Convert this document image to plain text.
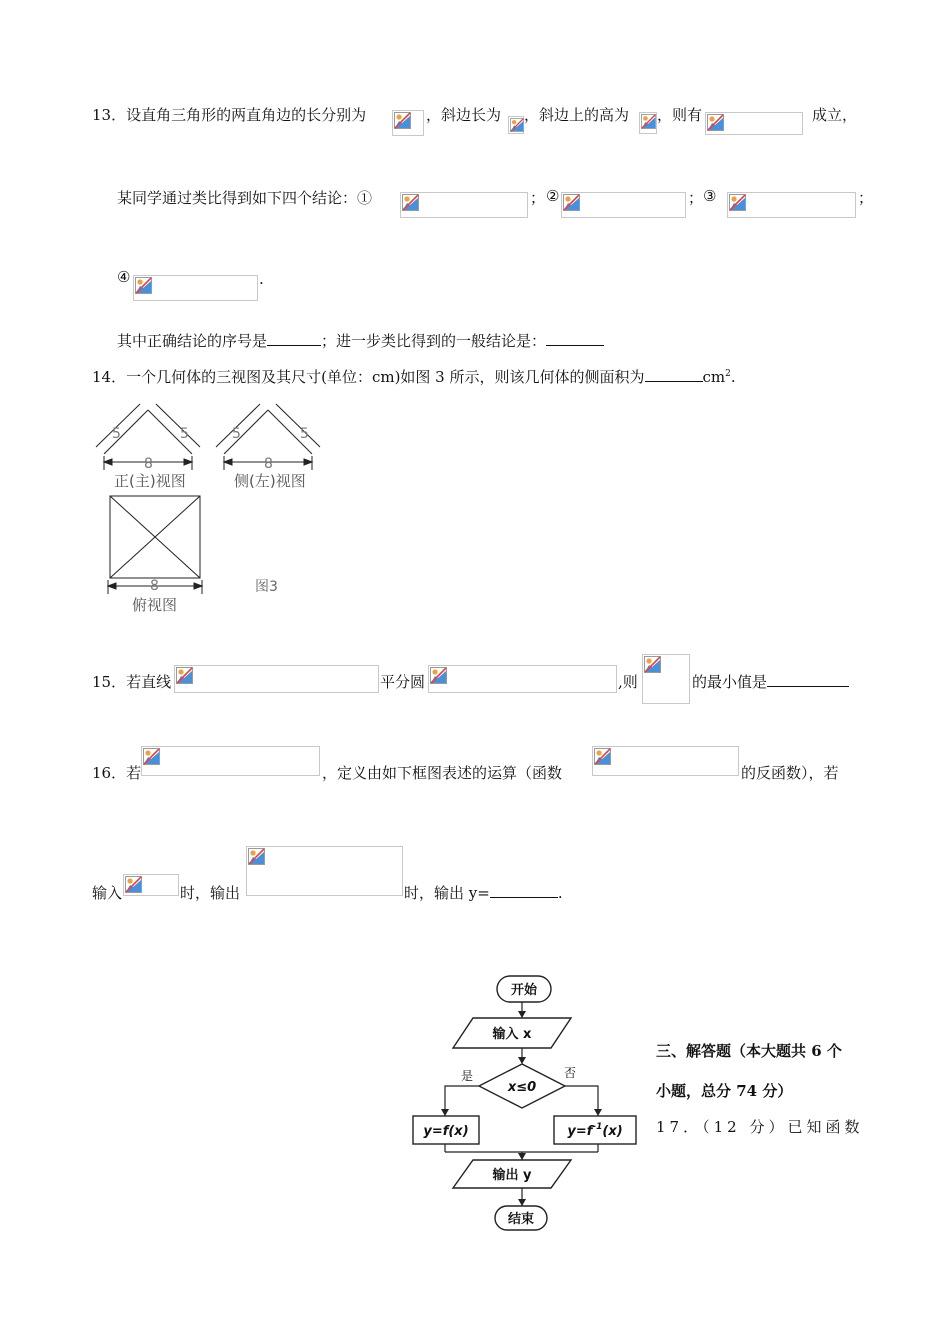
13．设直角三角形的两直角边的长分别为	，斜边长为 ，斜边上的高为 ，则有	成立，
某同学通过类比得到如下四个结论：①	； ②	； ③	；
④	.
其中正确结论的序号是	；进一步类比得到的一般结论是：
14．一个几何体的三视图及其尺寸(单位：cm)如图 3 所示，则该几何体的侧面积为	$cm^2$.
5	5
8
正(主)视图
5	5
8
侧(左)视图
8
俯视图
图3
15．若直线	平分圆	,则	的最小值是
16．若	，定义由如下框图表述的运算（函数	的反函数），若
输入	时，输出	时，输出 y=	.
开始
输入 x
x≤0
y=f(x)	$y=f^{-1}(x)$
输出 y
结束
是	否
三、解答题（本大题共 6 个
小题，总分 74 分）
17．（12 分）已知函数
